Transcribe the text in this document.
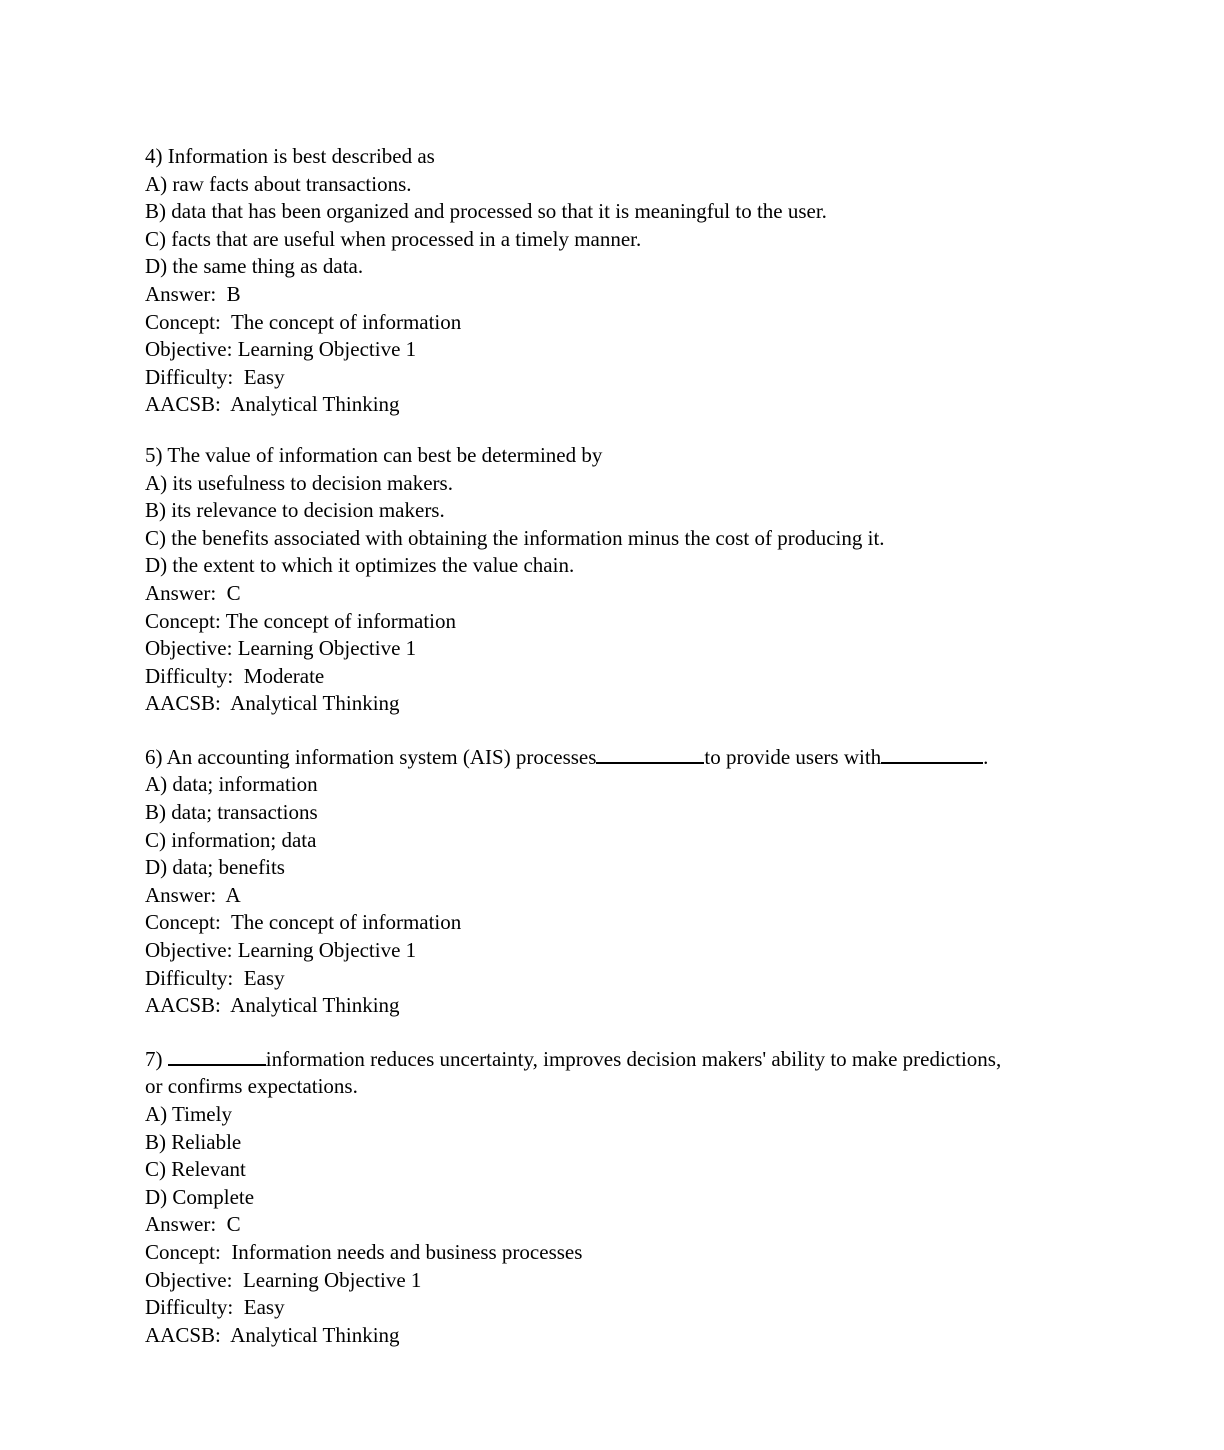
4) Information is best described as

A) raw facts about transactions.

B) data that has been organized and processed so that it is meaningful to the user.

C) facts that are useful when processed in a timely manner.

D) the same thing as data.

Answer:  B

Concept:  The concept of information

Objective: Learning Objective 1

Difficulty:  Easy

AACSB:  Analytical Thinking

5) The value of information can best be determined by

A) its usefulness to decision makers.

B) its relevance to decision makers.

C) the benefits associated with obtaining the information minus the cost of producing it.

D) the extent to which it optimizes the value chain.

Answer:  C

Concept: The concept of information

Objective: Learning Objective 1

Difficulty:  Moderate

AACSB:  Analytical Thinking

6) An accounting information system (AIS) processes	to provide users with	.

A) data; information

B) data; transactions

C) information; data

D) data; benefits

Answer:  A

Concept:  The concept of information

Objective: Learning Objective 1

Difficulty:  Easy

AACSB:  Analytical Thinking

7)	information reduces uncertainty, improves decision makers' ability to make predictions, or confirms expectations.

A) Timely

B) Reliable

C) Relevant

D) Complete

Answer:  C

Concept:  Information needs and business processes

Objective:  Learning Objective 1

Difficulty:  Easy

AACSB:  Analytical Thinking
